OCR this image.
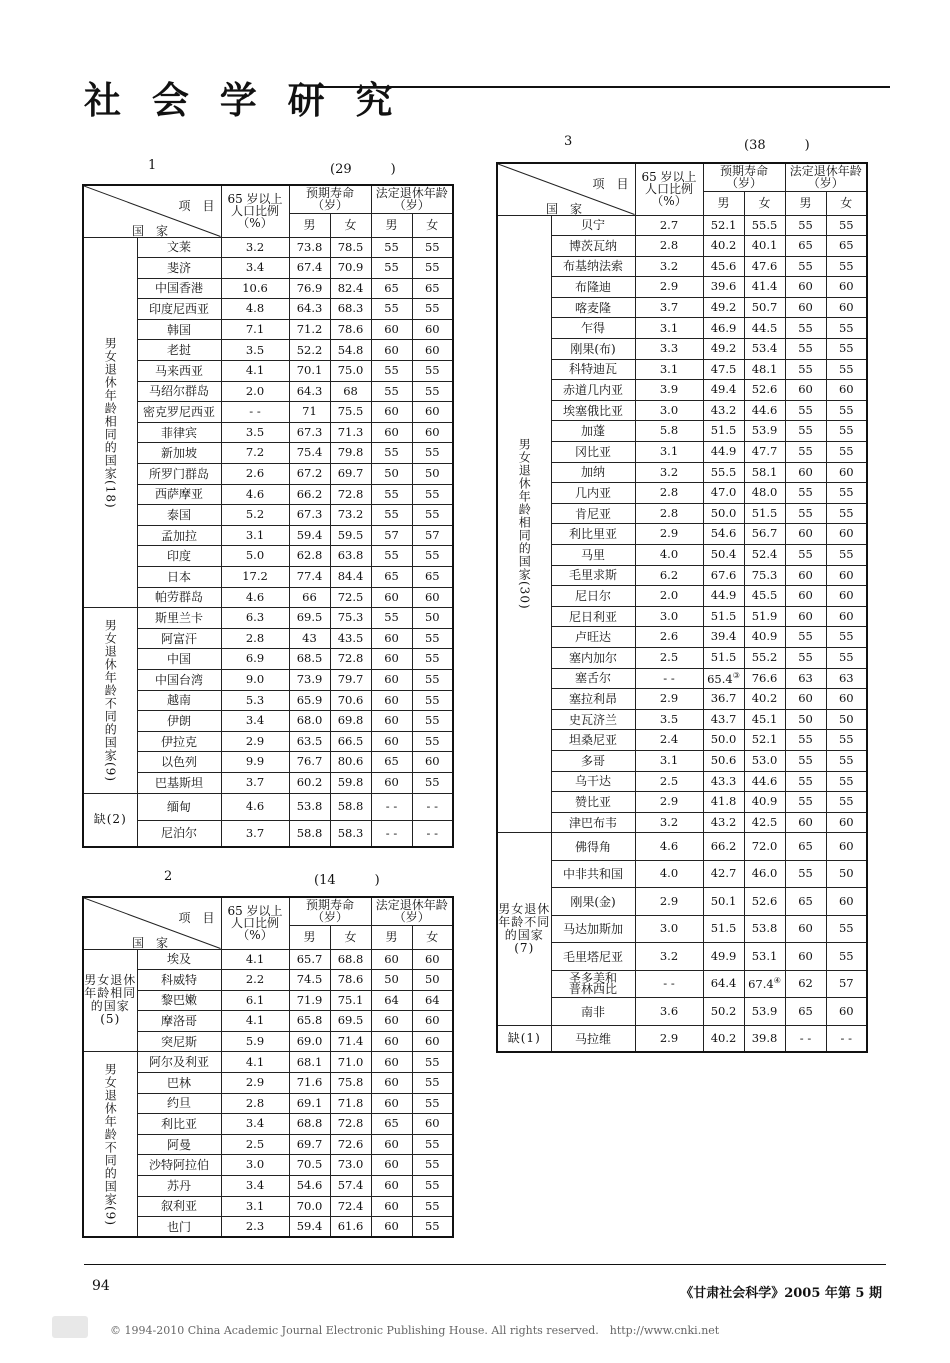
社 会 学 研 究
1	(29　　　)
2	(14　　　)
3	(38　　　)
项　目
国　家		65 岁以上
人口比例
（%）	预期寿命
（岁）		法定退休年龄
（岁）	
			男	女	男	女
男女退休年龄相同的国家(18)	文莱	3.2	73.8	78.5	55	55
	斐济	3.4	67.4	70.9	55	55
	中国香港	10.6	76.9	82.4	65	65
	印度尼西亚	4.8	64.3	68.3	55	55
	韩国	7.1	71.2	78.6	60	60
	老挝	3.5	52.2	54.8	60	60
	马来西亚	4.1	70.1	75.0	55	55
	马绍尔群岛	2.0	64.3	68	55	55
	密克罗尼西亚	- -	71	75.5	60	60
	菲律宾	3.5	67.3	71.3	60	60
	新加坡	7.2	75.4	79.8	55	55
	所罗门群岛	2.6	67.2	69.7	50	50
	西萨摩亚	4.6	66.2	72.8	55	55
	泰国	5.2	67.3	73.2	55	55
	孟加拉	3.1	59.4	59.5	57	57
	印度	5.0	62.8	63.8	55	55
	日本	17.2	77.4	84.4	65	65
	帕劳群岛	4.6	66	72.5	60	60
男女退休年龄不同的国家(9)	斯里兰卡	6.3	69.5	75.3	55	50
	阿富汗	2.8	43	43.5	60	55
	中国	6.9	68.5	72.8	60	55
	中国台湾	9.0	73.9	79.7	60	55
	越南	5.3	65.9	70.6	60	55
	伊朗	3.4	68.0	69.8	60	55
	伊拉克	2.9	63.5	66.5	60	55
	以色列	9.9	76.7	80.6	65	60
	巴基斯坦	3.7	60.2	59.8	60	55
缺(2)	缅甸	4.6	53.8	58.8	- -	- -
	尼泊尔	3.7	58.8	58.3	- -	- -
项　目
国　家		65 岁以上
人口比例
（%）	预期寿命
（岁）		法定退休年龄
（岁）	
			男	女	男	女
男女退休年龄相同的国家(5)	埃及	4.1	65.7	68.8	60	60
	科威特	2.2	74.5	78.6	50	50
	黎巴嫩	6.1	71.9	75.1	64	64
	摩洛哥	4.1	65.8	69.5	60	60
	突尼斯	5.9	69.0	71.4	60	60
男女退休年龄不同的国家(9)	阿尔及利亚	4.1	68.1	71.0	60	55
	巴林	2.9	71.6	75.8	60	55
	约旦	2.8	69.1	71.8	60	55
	利比亚	3.4	68.8	72.8	65	60
	阿曼	2.5	69.7	72.6	60	55
	沙特阿拉伯	3.0	70.5	73.0	60	55
	苏丹	3.4	54.6	57.4	60	55
	叙利亚	3.1	70.0	72.4	60	55
	也门	2.3	59.4	61.6	60	55
项　目
国　家		65 岁以上
人口比例
（%）	预期寿命
（岁）		法定退休年龄
（岁）	
			男	女	男	女
男女退休年龄相同的国家(30)	贝宁	2.7	52.1	55.5	55	55
	博茨瓦纳	2.8	40.2	40.1	65	65
	布基纳法索	3.2	45.6	47.6	55	55
	布隆迪	2.9	39.6	41.4	60	60
	喀麦隆	3.7	49.2	50.7	60	60
	乍得	3.1	46.9	44.5	55	55
	刚果(布)	3.3	49.2	53.4	55	55
	科特迪瓦	3.1	47.5	48.1	55	55
	赤道几内亚	3.9	49.4	52.6	60	60
	埃塞俄比亚	3.0	43.2	44.6	55	55
	加蓬	5.8	51.5	53.9	55	55
	冈比亚	3.1	44.9	47.7	55	55
	加纳	3.2	55.5	58.1	60	60
	几内亚	2.8	47.0	48.0	55	55
	肯尼亚	2.8	50.0	51.5	55	55
	利比里亚	2.9	54.6	56.7	60	60
	马里	4.0	50.4	52.4	55	55
	毛里求斯	6.2	67.6	75.3	60	60
	尼日尔	2.0	44.9	45.5	60	60
	尼日利亚	3.0	51.5	51.9	60	60
	卢旺达	2.6	39.4	40.9	55	55
	塞内加尔	2.5	51.5	55.2	55	55
	塞舌尔	- -	65.4③	76.6	63	63
	塞拉利昂	2.9	36.7	40.2	60	60
	史瓦济兰	3.5	43.7	45.1	50	50
	坦桑尼亚	2.4	50.0	52.1	55	55
	多哥	3.1	50.6	53.0	55	55
	乌干达	2.5	43.3	44.6	55	55
	赞比亚	2.9	41.8	40.9	55	55
	津巴布韦	3.2	43.2	42.5	60	60
男女退休年龄不同的国家(7)	佛得角	4.6	66.2	72.0	65	60
	中非共和国	4.0	42.7	46.0	55	50
	刚果(金)	2.9	50.1	52.6	65	60
	马达加斯加	3.0	51.5	53.8	60	55
	毛里塔尼亚	3.2	49.9	53.1	60	55
	圣多美和
普林西比	- -	64.4	67.4④	62	57
	南非	3.6	50.2	53.9	65	60
缺(1)	马拉维	2.9	40.2	39.8	- -	- -
94	《甘肃社会科学》2005 年第 5 期
© 1994-2010 China Academic Journal Electronic Publishing House. All rights reserved.　http://www.cnki.net
